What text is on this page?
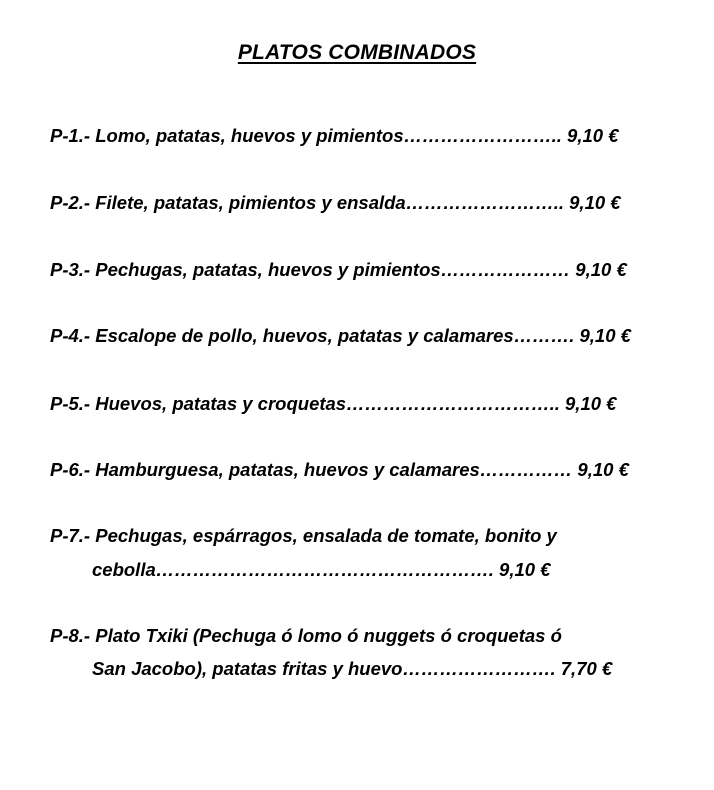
PLATOS COMBINADOS
P-1.- Lomo, patatas, huevos y pimientos…………………….. 9,10 €
P-2.- Filete, patatas, pimientos y ensalda…………………….. 9,10 €
P-3.- Pechugas, patatas, huevos y pimientos………………… 9,10 €
P-4.- Escalope de pollo, huevos, patatas y calamares………. 9,10 €
P-5.- Huevos, patatas y croquetas…………………………….. 9,10 €
P-6.- Hamburguesa, patatas, huevos y calamares…………… 9,10 €
P-7.- Pechugas, espárragos, ensalada de tomate, bonito y
cebolla………………………………………………. 9,10 €
P-8.- Plato Txiki (Pechuga ó lomo ó nuggets ó croquetas ó
San Jacobo), patatas fritas y huevo……………………. 7,70 €
